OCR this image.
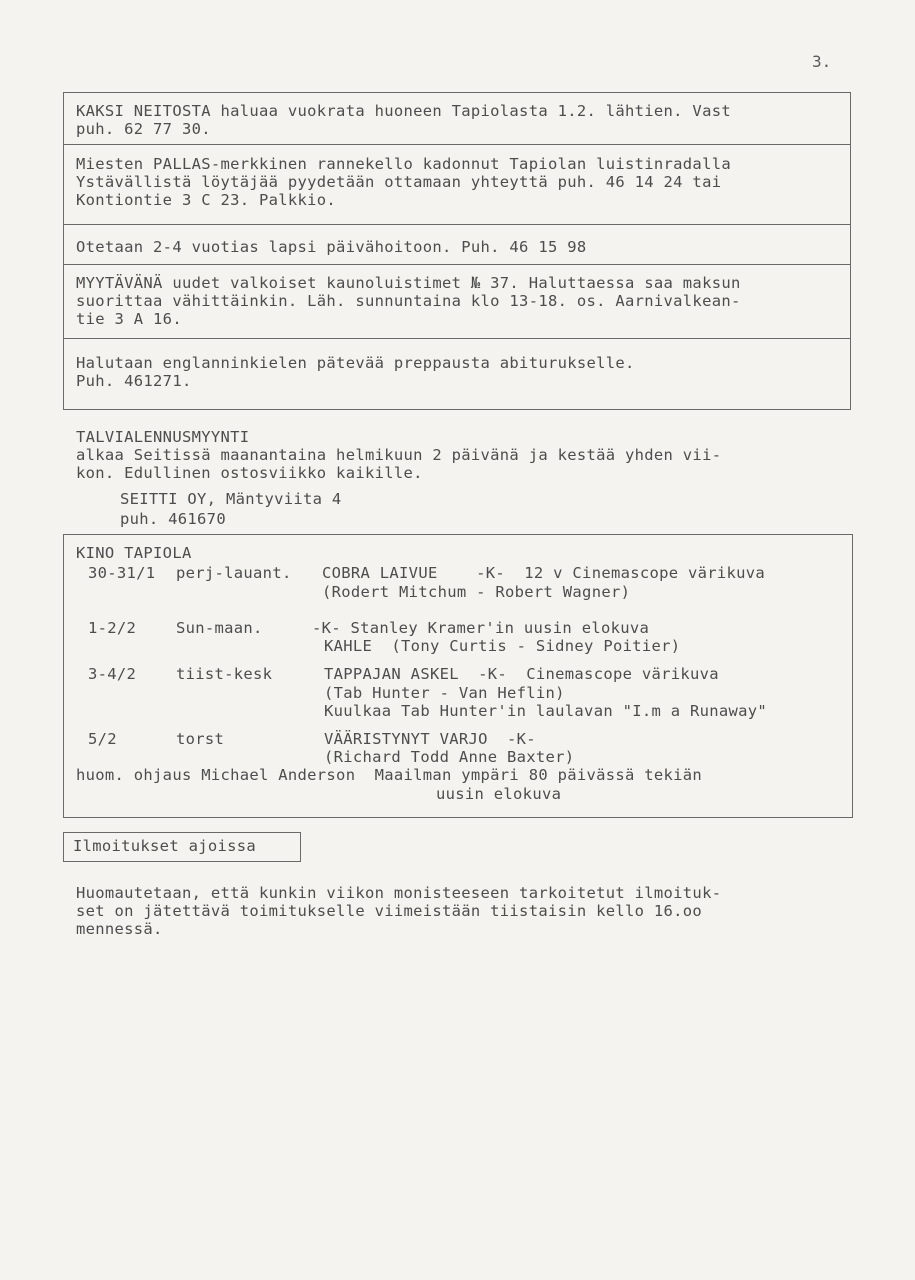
3.
KAKSI NEITOSTA haluaa vuokrata huoneen Tapiolasta 1.2. lähtien. Vast
puh. 62 77 30.
Miesten PALLAS-merkkinen rannekello kadonnut Tapiolan luistinradalla
Ystävällistä löytäjää pyydetään ottamaan yhteyttä puh. 46 14 24 tai
Kontiontie 3 C 23. Palkkio.
Otetaan 2-4 vuotias lapsi päivähoitoon. Puh. 46 15 98
MYYTÄVÄNÄ uudet valkoiset kaunoluistimet № 37. Haluttaessa saa maksun
suorittaa vähittäinkin. Läh. sunnuntaina klo 13-18. os. Aarnivalkean-
tie 3 A 16.
Halutaan englanninkielen pätevää preppausta abiturukselle.
Puh. 461271.
TALVIALENNUSMYYNTI
alkaa Seitissä maanantaina helmikuun 2 päivänä ja kestää yhden vii-
kon. Edullinen ostosviikko kaikille.
SEITTI OY, Mäntyviita 4
puh. 461670
KINO TAPIOLA
30-31/1 perj-lauant. COBRA LAIVUE    -K-  12 v Cinemascope värikuva
(Rodert Mitchum - Robert Wagner)
1-2/2	Sun-maan.	-K- Stanley Kramer'in uusin elokuva
KAHLE  (Tony Curtis - Sidney Poitier)
3-4/2	tiist-kesk	TAPPAJAN ASKEL  -K-  Cinemascope värikuva
(Tab Hunter - Van Heflin)
Kuulkaa Tab Hunter'in laulavan "I.m a Runaway"
5/2	torst	VÄÄRISTYNYT VARJO  -K-
(Richard Todd Anne Baxter)
huom. ohjaus Michael Anderson  Maailman ympäri 80 päivässä tekiän
uusin elokuva
Ilmoitukset ajoissa
Huomautetaan, että kunkin viikon monisteeseen tarkoitetut ilmoituk-
set on jätettävä toimitukselle viimeistään tiistaisin kello 16.oo
mennessä.
